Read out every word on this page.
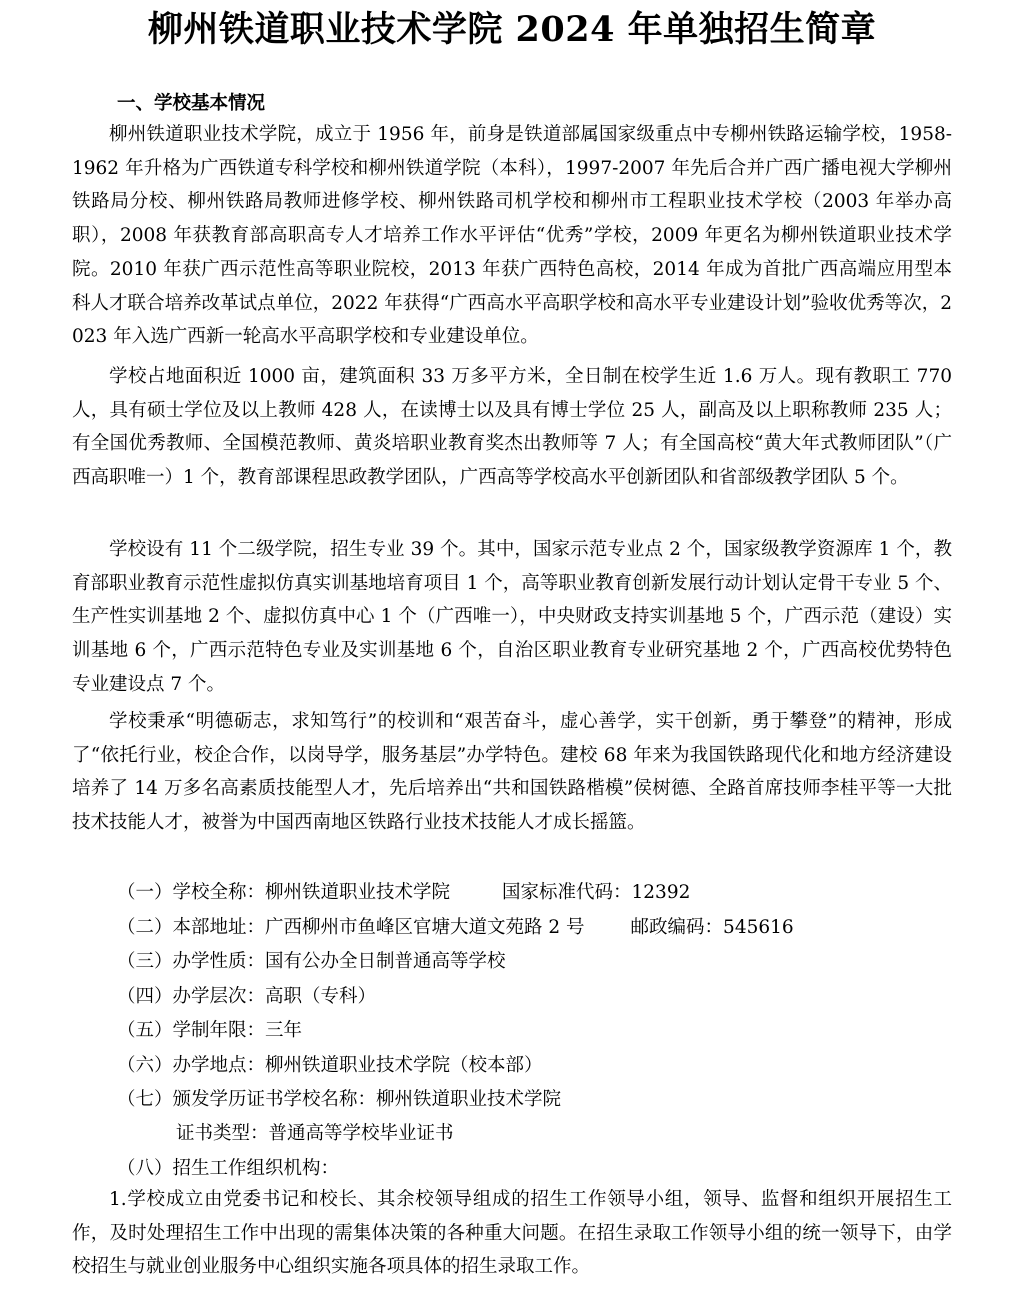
柳州铁道职业技术学院 2024 年单独招生简章
一、学校基本情况

柳州铁道职业技术学院，成立于 1956 年，前身是铁道部属国家级重点中专柳州铁路运输学校，1958-1962 年升格为广西铁道专科学校和柳州铁道学院（本科），1997-2007 年先后合并广西广播电视大学柳州铁路局分校、柳州铁路局教师进修学校、柳州铁路司机学校和柳州市工程职业技术学校（2003 年举办高职），2008 年获教育部高职高专人才培养工作水平评估“优秀”学校，2009 年更名为柳州铁道职业技术学院。2010 年获广西示范性高等职业院校，2013 年获广西特色高校，2014 年成为首批广西高端应用型本科人才联合培养改革试点单位，2022 年获得“广西高水平高职学校和高水平专业建设计划”验收优秀等次，2023 年入选广西新一轮高水平高职学校和专业建设单位。

学校占地面积近 1000 亩，建筑面积 33 万多平方米，全日制在校学生近 1.6 万人。现有教职工 770 人，具有硕士学位及以上教师 428 人，在读博士以及具有博士学位 25 人，副高及以上职称教师 235 人；有全国优秀教师、全国模范教师、黄炎培职业教育奖杰出教师等 7 人；有全国高校“黄大年式教师团队”（广西高职唯一）1 个，教育部课程思政教学团队，广西高等学校高水平创新团队和省部级教学团队 5 个。

学校设有 11 个二级学院，招生专业 39 个。其中，国家示范专业点 2 个，国家级教学资源库 1 个，教育部职业教育示范性虚拟仿真实训基地培育项目 1 个，高等职业教育创新发展行动计划认定骨干专业 5 个、生产性实训基地 2 个、虚拟仿真中心 1 个（广西唯一），中央财政支持实训基地 5 个，广西示范（建设）实训基地 6 个，广西示范特色专业及实训基地 6 个，自治区职业教育专业研究基地 2 个，广西高校优势特色专业建设点 7 个。

学校秉承“明德砺志，求知笃行”的校训和“艰苦奋斗，虚心善学，实干创新，勇于攀登”的精神，形成了“依托行业，校企合作，以岗导学，服务基层”办学特色。建校 68 年来为我国铁路现代化和地方经济建设培养了 14 万多名高素质技能型人才，先后培养出“共和国铁路楷模”侯树德、全路首席技师李桂平等一大批技术技能人才，被誉为中国西南地区铁路行业技术技能人才成长摇篮。

（一）学校全称：柳州铁道职业技术学院	国家标准代码：12392
（二）本部地址：广西柳州市鱼峰区官塘大道文苑路 2 号 邮政编码：545616
（三）办学性质：国有公办全日制普通高等学校
（四）办学层次：高职（专科）
（五）学制年限：三年
（六）办学地点：柳州铁道职业技术学院（校本部）
（七）颁发学历证书学校名称：柳州铁道职业技术学院
证书类型：普通高等学校毕业证书
（八）招生工作组织机构：

1.学校成立由党委书记和校长、其余校领导组成的招生工作领导小组，领导、监督和组织开展招生工作，及时处理招生工作中出现的需集体决策的各种重大问题。在招生录取工作领导小组的统一领导下，由学校招生与就业创业服务中心组织实施各项具体的招生录取工作。
